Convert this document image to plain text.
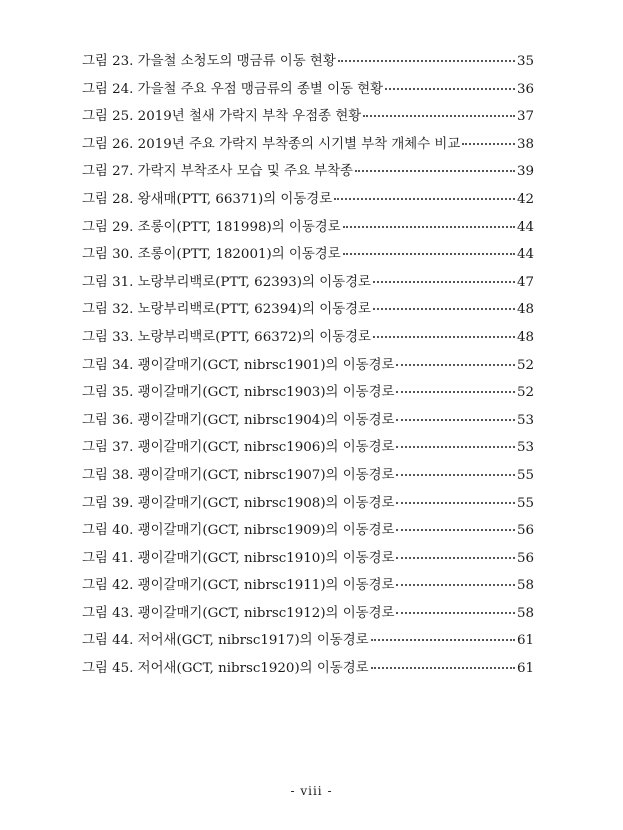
그림 23. 가을철 소청도의 맹금류 이동 현황	35
그림 24. 가을철 주요 우점 맹금류의 종별 이동 현황	36
그림 25. 2019년 철새 가락지 부착 우점종 현황	37
그림 26. 2019년 주요 가락지 부착종의 시기별 부착 개체수 비교	38
그림 27. 가락지 부착조사 모습 및 주요 부착종	39
그림 28. 왕새매(PTT, 66371)의 이동경로	42
그림 29. 조롱이(PTT, 181998)의 이동경로	44
그림 30. 조롱이(PTT, 182001)의 이동경로	44
그림 31. 노랑부리백로(PTT, 62393)의 이동경로	47
그림 32. 노랑부리백로(PTT, 62394)의 이동경로	48
그림 33. 노랑부리백로(PTT, 66372)의 이동경로	48
그림 34. 괭이갈매기(GCT, nibrsc1901)의 이동경로	52
그림 35. 괭이갈매기(GCT, nibrsc1903)의 이동경로	52
그림 36. 괭이갈매기(GCT, nibrsc1904)의 이동경로	53
그림 37. 괭이갈매기(GCT, nibrsc1906)의 이동경로	53
그림 38. 괭이갈매기(GCT, nibrsc1907)의 이동경로	55
그림 39. 괭이갈매기(GCT, nibrsc1908)의 이동경로	55
그림 40. 괭이갈매기(GCT, nibrsc1909)의 이동경로	56
그림 41. 괭이갈매기(GCT, nibrsc1910)의 이동경로	56
그림 42. 괭이갈매기(GCT, nibrsc1911)의 이동경로	58
그림 43. 괭이갈매기(GCT, nibrsc1912)의 이동경로	58
그림 44. 저어새(GCT, nibrsc1917)의 이동경로	61
그림 45. 저어새(GCT, nibrsc1920)의 이동경로	61
- viii -
